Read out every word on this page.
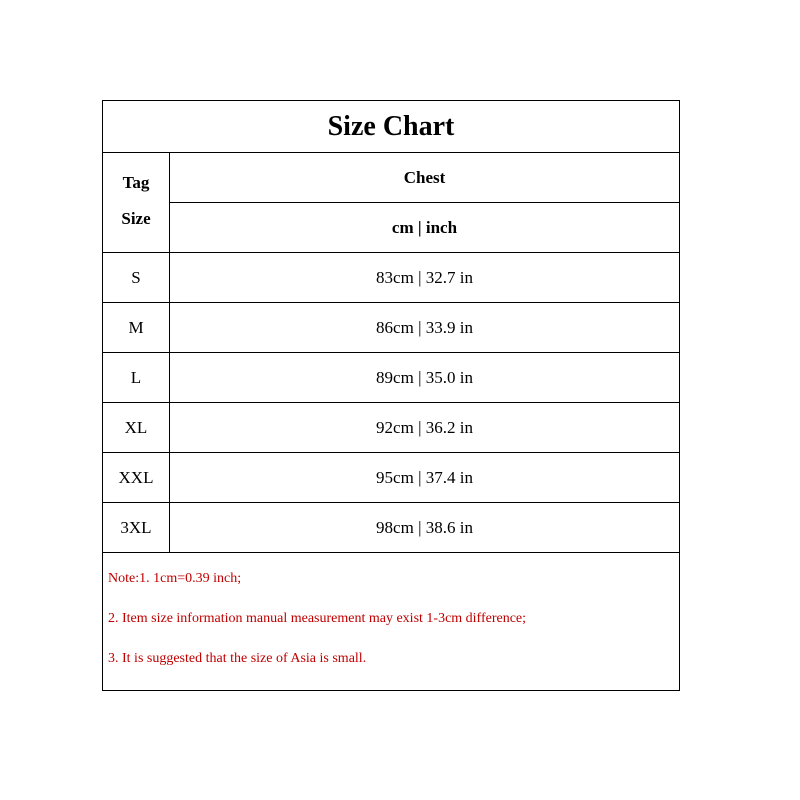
Size Chart
Tag
Size
Chest
cm | inch
S	83cm | 32.7 in
M	86cm | 33.9 in
L	89cm | 35.0 in
XL	92cm | 36.2 in
XXL	95cm | 37.4 in
3XL	98cm | 38.6 in
Note:1. 1cm=0.39 inch;
2. Item size information manual measurement may exist 1-3cm difference;
3. It is suggested that the size of Asia is small.
